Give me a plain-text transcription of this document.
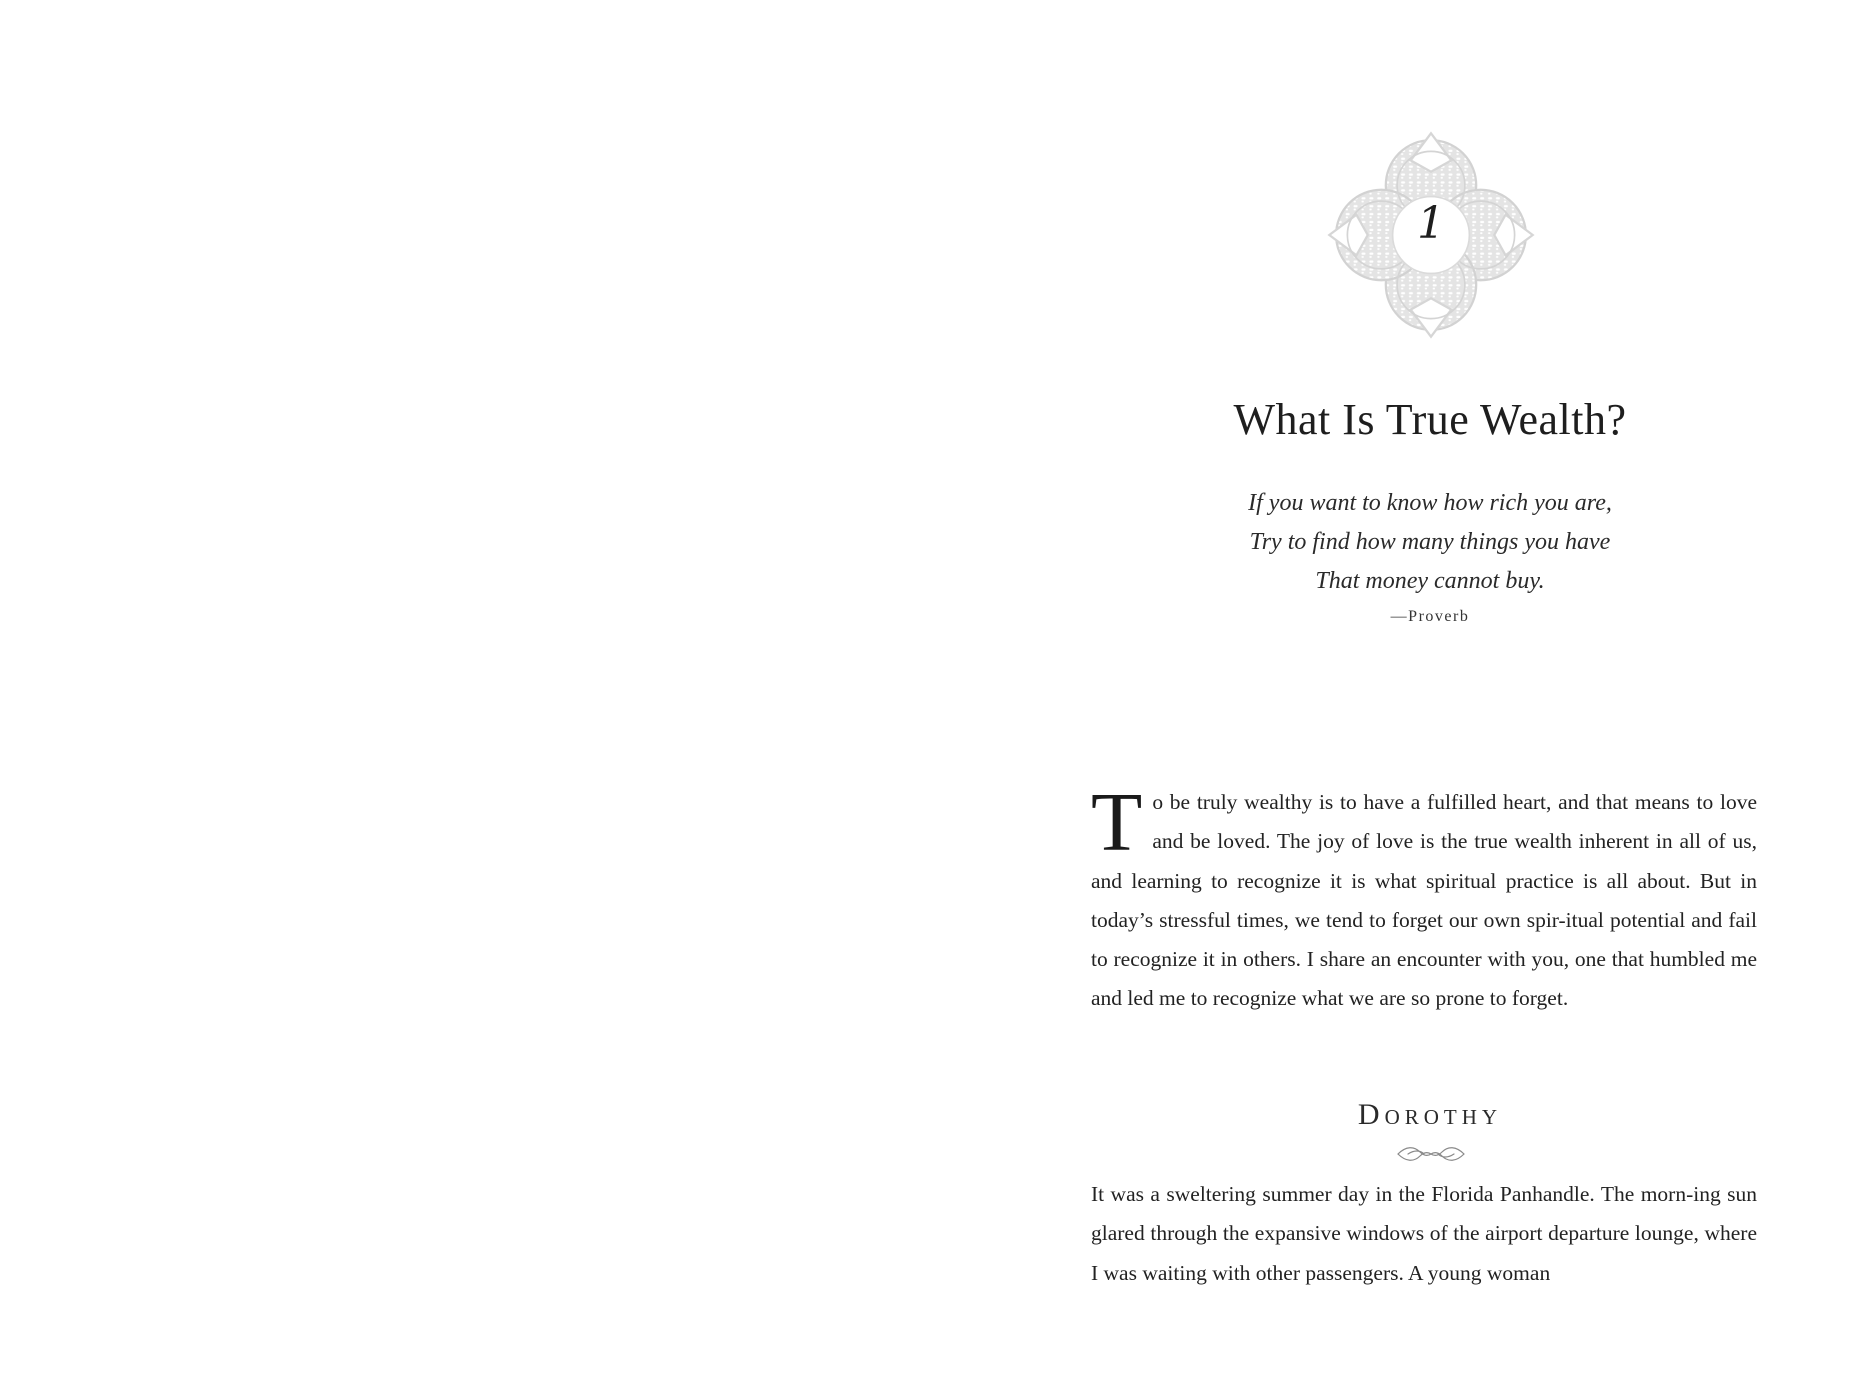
1
What Is True Wealth?
If you want to know how rich you are,
Try to find how many things you have
That money cannot buy.
—Proverb
T o be truly wealthy is to have a fulfilled heart, and that means to love and be loved. The joy of love is the true wealth inherent in all of us, and learning to recognize it is what spiritual practice is all about. But in today’s stressful times, we tend to forget our own spir-itual potential and fail to recognize it in others. I share an encounter with you, one that humbled me and led me to recognize what we are so prone to forget.
Dorothy
It was a sweltering summer day in the Florida Panhandle. The morn-ing sun glared through the expansive windows of the airport departure lounge, where I was waiting with other passengers. A young woman
